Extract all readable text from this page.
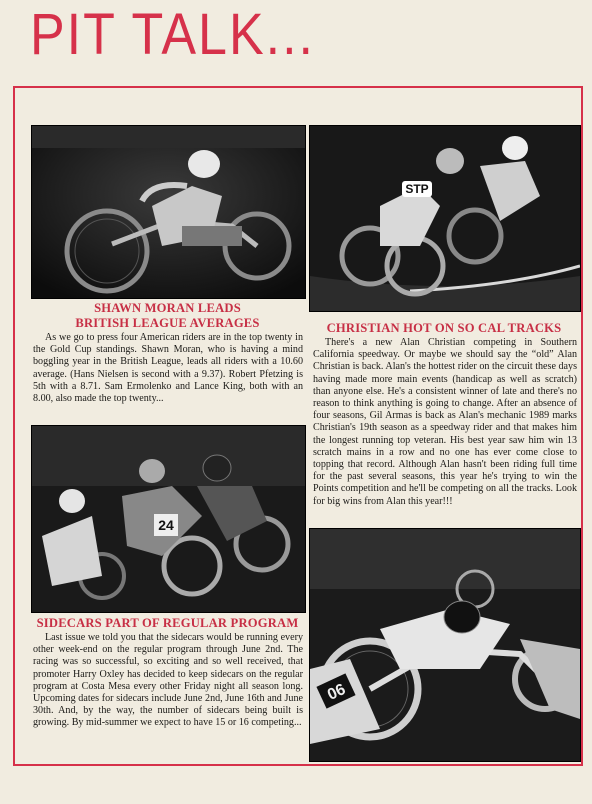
PIT TALK...
STP
SHAWN MORAN LEADS
BRITISH LEAGUE AVERAGES

As we go to press four American riders are in the top twenty in the Gold Cup standings. Shawn Moran, who is having a mind boggling year in the British League, leads all riders with a 10.60 average. (Hans Nielsen is second with a 9.37). Robert Pfetzing is 5th with a 8.71. Sam Ermolenko and Lance King, both with an 8.00, also made the top twenty...

CHRISTIAN HOT ON SO CAL TRACKS

There's a new Alan Christian competing in Southern California speedway. Or maybe we should say the “old” Alan Christian is back. Alan's the hottest rider on the circuit these days having made more main events (handicap as well as scratch) than anyone else. He's a consistent winner of late and there's no reason to think anything is going to change. After an absence of four seasons, Gil Armas is back as Alan's mechanic 1989 marks Christian's 19th season as a speedway rider and that makes him the longest running top veteran. His best year saw him win 13 scratch mains in a row and no one has ever come close to topping that record. Although Alan hasn't been riding full time for the past several seasons, this year he's trying to win the Points competition and he'll be competing on all the tracks. Look for big wins from Alan this year!!!

24
SIDECARS PART OF REGULAR PROGRAM

Last issue we told you that the sidecars would be running every other week-end on the regular program through June 2nd. The racing was so successful, so exciting and so well received, that promoter Harry Oxley has decided to keep sidecars on the regular program at Costa Mesa every other Friday night all season long. Upcoming dates for sidecars include June 2nd, June 16th and June 30th. And, by the way, the number of sidecars being built is growing. By mid-summer we expect to have 15 or 16 competing...

06
